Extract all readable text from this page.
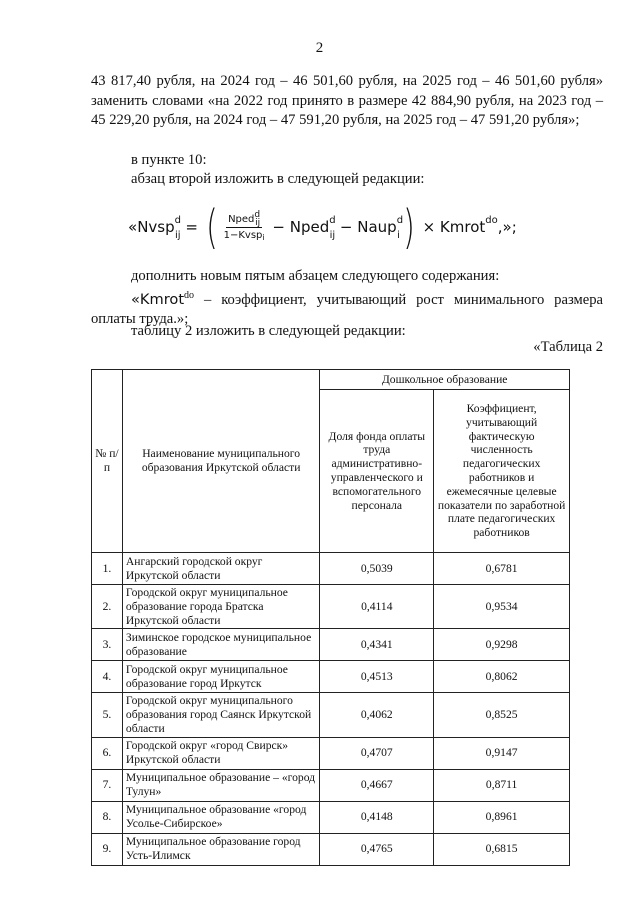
2
43 817,40 рубля, на 2024 год – 46 501,60 рубля, на 2025 год – 46 501,60 рубля» заменить словами «на 2022 год принято в размере 42 884,90 рубля, на 2023 год – 45 229,20 рубля, на 2024 год – 47 591,20 рубля, на 2025 год – 47 591,20 рубля»;
в пункте 10:
абзац второй изложить в следующей редакции:
« Nvsp$^d_{ij}$ = ( $\frac{\text{Npeddij}}{1-Kvsp_i}$ − Nped$^d_{ij}$ − Naup$^d_i$ ) × Kmrot$^{do}$ ,»;
дополнить новым пятым абзацем следующего содержания:
«Kmrot$^{do}$ – коэффициент, учитывающий рост минимального размера оплаты труда.»;
таблицу 2 изложить в следующей редакции:
«Таблица 2
№ п/п	Наименование муниципального образования Иркутской области	Дошкольное образование	
		Доля фонда оплаты труда административно-управленческого и вспомогательного персонала	Коэффициент, учитывающий фактическую численность педагогических работников и ежемесячные целевые показатели по заработной плате педагогических работников
1.	Ангарский городской округ Иркутской области	0,5039	0,6781
2.	Городской округ муниципальное образование города Братска Иркутской области	0,4114	0,9534
3.	Зиминское городское муниципальное образование	0,4341	0,9298
4.	Городской округ муниципальное образование город Иркутск	0,4513	0,8062
5.	Городской округ муниципального образования город Саянск Иркутской области	0,4062	0,8525
6.	Городской округ «город Свирск» Иркутской области	0,4707	0,9147
7.	Муниципальное образование – «город Тулун»	0,4667	0,8711
8.	Муниципальное образование «город Усолье-Сибирское»	0,4148	0,8961
9.	Муниципальное образование город Усть-Илимск	0,4765	0,6815
